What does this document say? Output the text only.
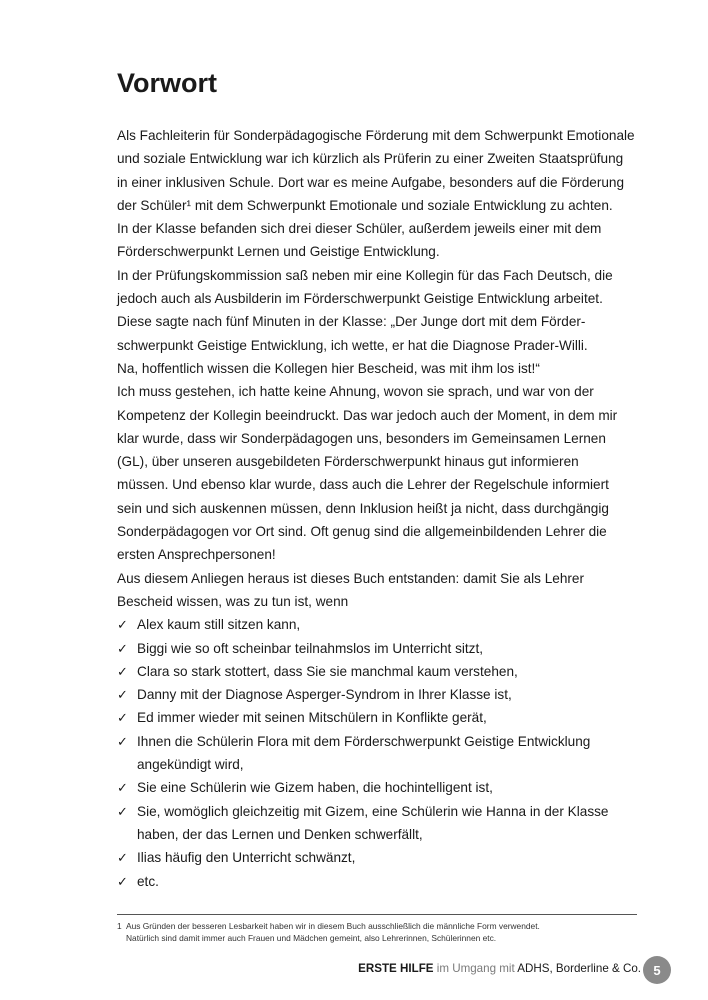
Vorwort

Als Fachleiterin für Sonderpädagogische Förderung mit dem Schwerpunkt Emotionale

und soziale Entwicklung war ich kürzlich als Prüferin zu einer Zweiten Staatsprüfung

in einer inklusiven Schule. Dort war es meine Aufgabe, besonders auf die Förderung

der Schüler¹ mit dem Schwerpunkt Emotionale und soziale Entwicklung zu achten.

In der Klasse befanden sich drei dieser Schüler, außerdem jeweils einer mit dem

Förderschwerpunkt Lernen und Geistige Entwicklung.

In der Prüfungskommission saß neben mir eine Kollegin für das Fach Deutsch, die

jedoch auch als Ausbilderin im Förderschwerpunkt Geistige Entwicklung arbeitet.

Diese sagte nach fünf Minuten in der Klasse: „Der Junge dort mit dem Förder-

schwerpunkt Geistige Entwicklung, ich wette, er hat die Diagnose Prader-Willi.

Na, hoffentlich wissen die Kollegen hier Bescheid, was mit ihm los ist!“

Ich muss gestehen, ich hatte keine Ahnung, wovon sie sprach, und war von der

Kompetenz der Kollegin beeindruckt. Das war jedoch auch der Moment, in dem mir

klar wurde, dass wir Sonderpädagogen uns, besonders im Gemeinsamen Lernen

(GL), über unseren ausgebildeten Förderschwerpunkt hinaus gut informieren

müssen. Und ebenso klar wurde, dass auch die Lehrer der Regelschule informiert

sein und sich auskennen müssen, denn Inklusion heißt ja nicht, dass durchgängig

Sonderpädagogen vor Ort sind. Oft genug sind die allgemeinbildenden Lehrer die

ersten Ansprechpersonen!

Aus diesem Anliegen heraus ist dieses Buch entstanden: damit Sie als Lehrer

Bescheid wissen, was zu tun ist, wenn

✓ Alex kaum still sitzen kann,
✓ Biggi wie so oft scheinbar teilnahmslos im Unterricht sitzt,
✓ Clara so stark stottert, dass Sie sie manchmal kaum verstehen,
✓ Danny mit der Diagnose Asperger-Syndrom in Ihrer Klasse ist,
✓ Ed immer wieder mit seinen Mitschülern in Konflikte gerät,
✓ Ihnen die Schülerin Flora mit dem Förderschwerpunkt Geistige Entwicklung
angekündigt wird,
✓ Sie eine Schülerin wie Gizem haben, die hochintelligent ist,
✓ Sie, womöglich gleichzeitig mit Gizem, eine Schülerin wie Hanna in der Klasse
haben, der das Lernen und Denken schwerfällt,
✓ Ilias häufig den Unterricht schwänzt,
✓ etc.

1 Aus Gründen der besseren Lesbarkeit haben wir in diesem Buch ausschließlich die männliche Form verwendet.

Natürlich sind damit immer auch Frauen und Mädchen gemeint, also Lehrerinnen, Schülerinnen etc.

ERSTE HILFE im Umgang mit ADHS, Borderline & Co. 5
